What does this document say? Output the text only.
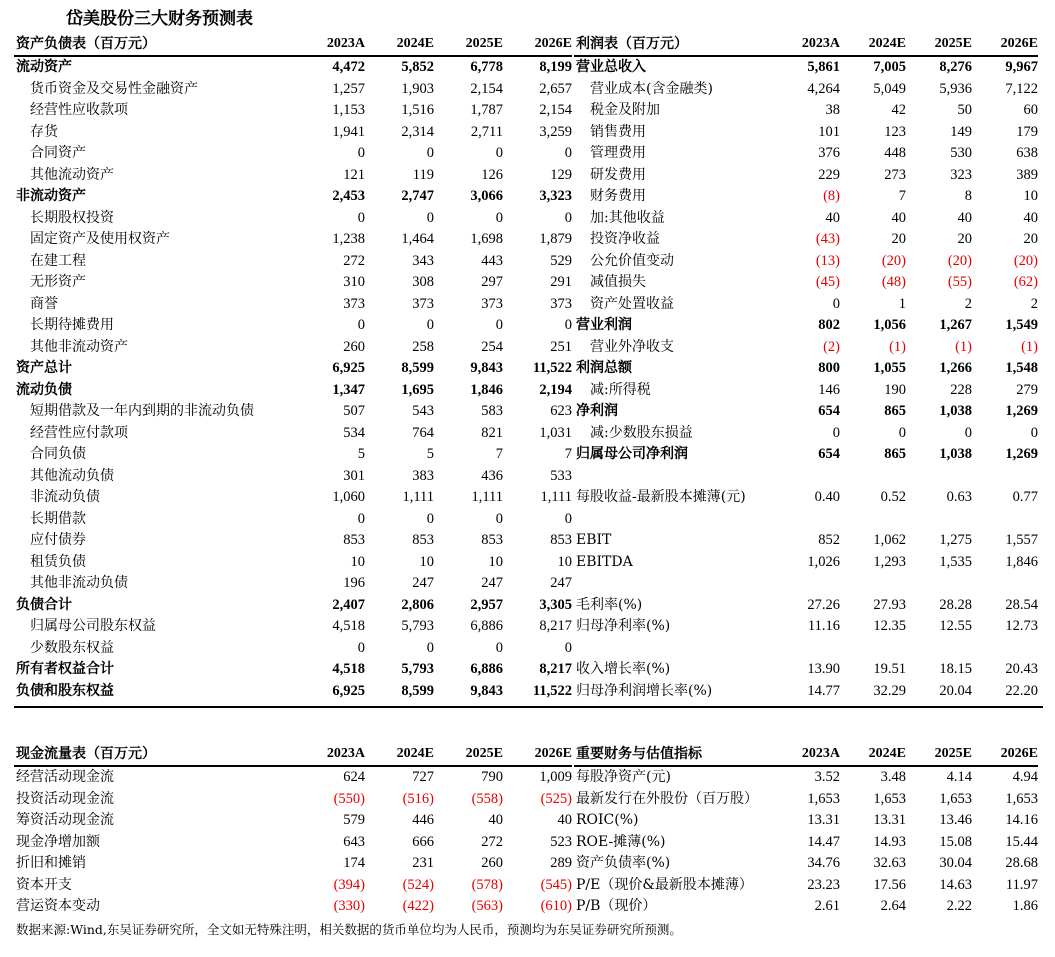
岱美股份三大财务预测表
资产负债表（百万元）	2023A	2024E	2025E	2026E
流动资产	4,472	5,852	6,778	8,199
货币资金及交易性金融资产	1,257	1,903	2,154	2,657
经营性应收款项	1,153	1,516	1,787	2,154
存货	1,941	2,314	2,711	3,259
合同资产	0	0	0	0
其他流动资产	121	119	126	129
非流动资产	2,453	2,747	3,066	3,323
长期股权投资	0	0	0	0
固定资产及使用权资产	1,238	1,464	1,698	1,879
在建工程	272	343	443	529
无形资产	310	308	297	291
商誉	373	373	373	373
长期待摊费用	0	0	0	0
其他非流动资产	260	258	254	251
资产总计	6,925	8,599	9,843	11,522
流动负债	1,347	1,695	1,846	2,194
短期借款及一年内到期的非流动负债	507	543	583	623
经营性应付款项	534	764	821	1,031
合同负债	5	5	7	7
其他流动负债	301	383	436	533
非流动负债	1,060	1,111	1,111	1,111
长期借款	0	0	0	0
应付债券	853	853	853	853
租赁负债	10	10	10	10
其他非流动负债	196	247	247	247
负债合计	2,407	2,806	2,957	3,305
归属母公司股东权益	4,518	5,793	6,886	8,217
少数股东权益	0	0	0	0
所有者权益合计	4,518	5,793	6,886	8,217
负债和股东权益	6,925	8,599	9,843	11,522
利润表（百万元）	2023A	2024E	2025E	2026E
营业总收入	5,861	7,005	8,276	9,967
营业成本(含金融类)	4,264	5,049	5,936	7,122
税金及附加	38	42	50	60
销售费用	101	123	149	179
管理费用	376	448	530	638
研发费用	229	273	323	389
财务费用	(8)	7	8	10
加:其他收益	40	40	40	40
投资净收益	(43)	20	20	20
公允价值变动	(13)	(20)	(20)	(20)
减值损失	(45)	(48)	(55)	(62)
资产处置收益	0	1	2	2
营业利润	802	1,056	1,267	1,549
营业外净收支	(2)	(1)	(1)	(1)
利润总额	800	1,055	1,266	1,548
减:所得税	146	190	228	279
净利润	654	865	1,038	1,269
减:少数股东损益	0	0	0	0
归属母公司净利润	654	865	1,038	1,269

每股收益-最新股本摊薄(元)	0.40	0.52	0.63	0.77

EBIT	852	1,062	1,275	1,557
EBITDA	1,026	1,293	1,535	1,846

毛利率(%)	27.26	27.93	28.28	28.54
归母净利率(%)	11.16	12.35	12.55	12.73

收入增长率(%)	13.90	19.51	18.15	20.43
归母净利润增长率(%)	14.77	32.29	20.04	22.20
现金流量表（百万元）	2023A	2024E	2025E	2026E
经营活动现金流	624	727	790	1,009
投资活动现金流	(550)	(516)	(558)	(525)
筹资活动现金流	579	446	40	40
现金净增加额	643	666	272	523
折旧和摊销	174	231	260	289
资本开支	(394)	(524)	(578)	(545)
营运资本变动	(330)	(422)	(563)	(610)
重要财务与估值指标	2023A	2024E	2025E	2026E
每股净资产(元)	3.52	3.48	4.14	4.94
最新发行在外股份（百万股）	1,653	1,653	1,653	1,653
ROIC(%)	13.31	13.31	13.46	14.16
ROE-摊薄(%)	14.47	14.93	15.08	15.44
资产负债率(%)	34.76	32.63	30.04	28.68
P/E（现价&最新股本摊薄）	23.23	17.56	14.63	11.97
P/B（现价）	2.61	2.64	2.22	1.86
数据来源:Wind,东吴证券研究所，全文如无特殊注明，相关数据的货币单位均为人民币，预测均为东吴证券研究所预测。
